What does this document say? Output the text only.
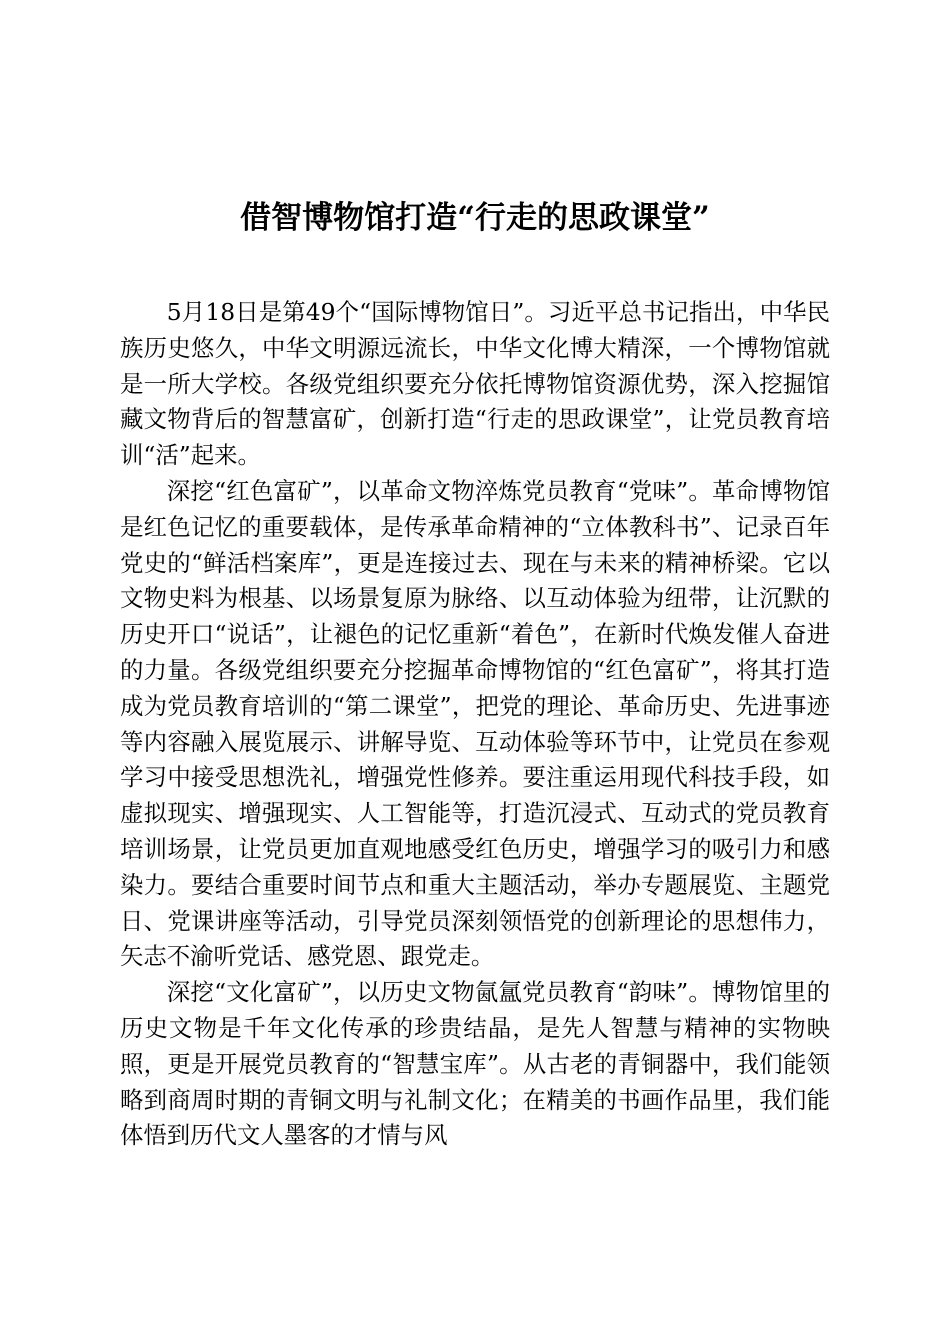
借智博物馆打造“行走的思政课堂”

5月18日是第49个“国际博物馆日”。习近平总书记指出，中华民族历史悠久，中华文明源远流长，中华文化博大精深，一个博物馆就是一所大学校。各级党组织要充分依托博物馆资源优势，深入挖掘馆藏文物背后的智慧富矿，创新打造“行走的思政课堂”，让党员教育培训“活”起来。

深挖“红色富矿”，以革命文物淬炼党员教育“党味”。革命博物馆是红色记忆的重要载体，是传承革命精神的“立体教科书”、记录百年党史的“鲜活档案库”，更是连接过去、现在与未来的精神桥梁。它以文物史料为根基、以场景复原为脉络、以互动体验为纽带，让沉默的历史开口“说话”，让褪色的记忆重新“着色”，在新时代焕发催人奋进的力量。各级党组织要充分挖掘革命博物馆的“红色富矿”，将其打造成为党员教育培训的“第二课堂”，把党的理论、革命历史、先进事迹等内容融入展览展示、讲解导览、互动体验等环节中，让党员在参观学习中接受思想洗礼，增强党性修养。要注重运用现代科技手段，如虚拟现实、增强现实、人工智能等，打造沉浸式、互动式的党员教育培训场景，让党员更加直观地感受红色历史，增强学习的吸引力和感染力。要结合重要时间节点和重大主题活动，举办专题展览、主题党日、党课讲座等活动，引导党员深刻领悟党的创新理论的思想伟力，矢志不渝听党话、感党恩、跟党走。

深挖“文化富矿”，以历史文物氤氲党员教育“韵味”。博物馆里的历史文物是千年文化传承的珍贵结晶，是先人智慧与精神的实物映照，更是开展党员教育的“智慧宝库”。从古老的青铜器中，我们能领略到商周时期的青铜文明与礼制文化；在精美的书画作品里，我们能体悟到历代文人墨客的才情与风
